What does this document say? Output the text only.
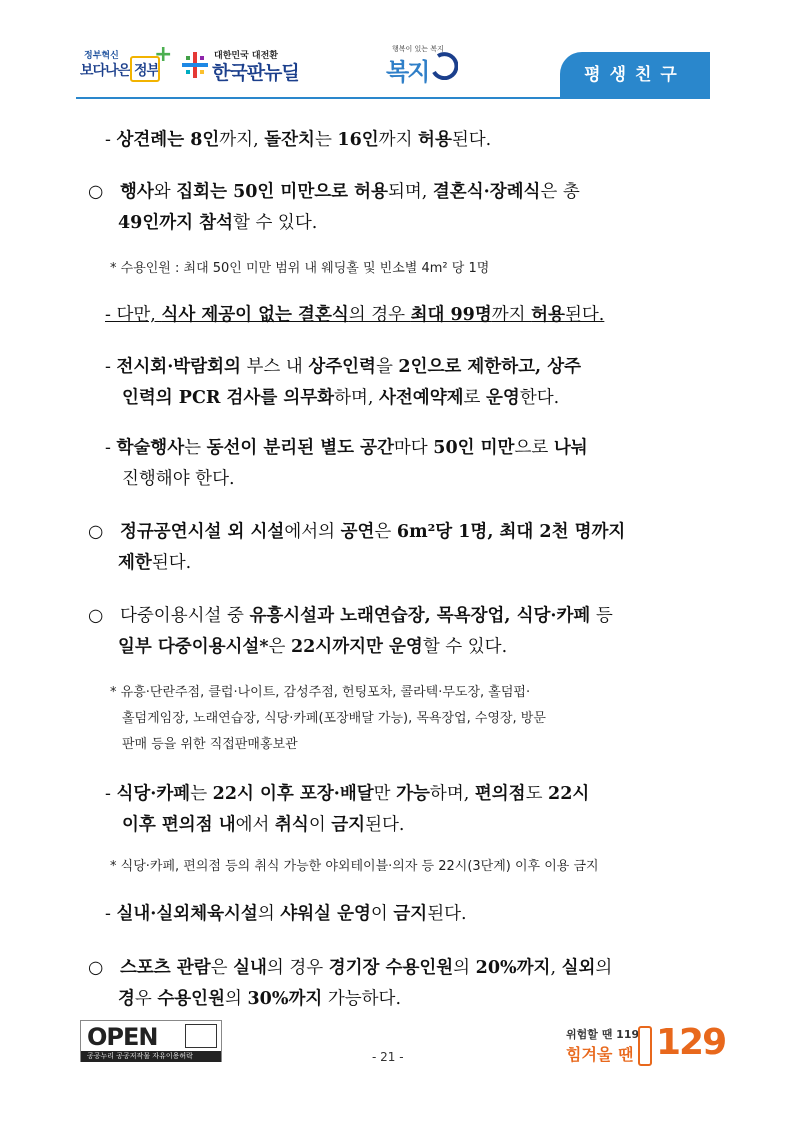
정부혁신
보다나은 정부
+	대한민국 대전환
한국판뉴딜
행복이 있는 복지
복지	평생친구
- 상견례는 8인까지, 돌잔치는 16인까지 허용된다.
○ 행사와 집회는 50인 미만으로 허용되며, 결혼식·장례식은 총
49인까지 참석할 수 있다.
* 수용인원 : 최대 50인 미만 범위 내 웨딩홀 및 빈소별 4m² 당 1명
- 다만, 식사 제공이 없는 결혼식의 경우 최대 99명까지 허용된다.
- 전시회·박람회의 부스 내 상주인력을 2인으로 제한하고, 상주
인력의 PCR 검사를 의무화하며, 사전예약제로 운영한다.
- 학술행사는 동선이 분리된 별도 공간마다 50인 미만으로 나눠
진행해야 한다.
○ 정규공연시설 외 시설에서의 공연은 6m²당 1명, 최대 2천 명까지
제한된다.
○ 다중이용시설 중 유흥시설과 노래연습장, 목욕장업, 식당·카페 등
일부 다중이용시설*은 22시까지만 운영할 수 있다.
* 유흥·단란주점, 클럽·나이트, 감성주점, 헌팅포차, 콜라텍·무도장, 홀덤펍·
홀덤게임장, 노래연습장, 식당·카페(포장배달 가능), 목욕장업, 수영장, 방문
판매 등을 위한 직접판매홍보관
- 식당·카페는 22시 이후 포장·배달만 가능하며, 편의점도 22시
이후 편의점 내에서 취식이 금지된다.
* 식당·카페, 편의점 등의 취식 가능한 야외테이블·의자 등 22시(3단계) 이후 이용 금지
- 실내·실외체육시설의 샤워실 운영이 금지된다.
○ 스포츠 관람은 실내의 경우 경기장 수용인원의 20%까지, 실외의
경우 수용인원의 30%까지 가능하다.
OPEN
공공누리 공공저작물 자유이용허락	- 21 -
위험할 땐 119
힘겨울 땐 129
